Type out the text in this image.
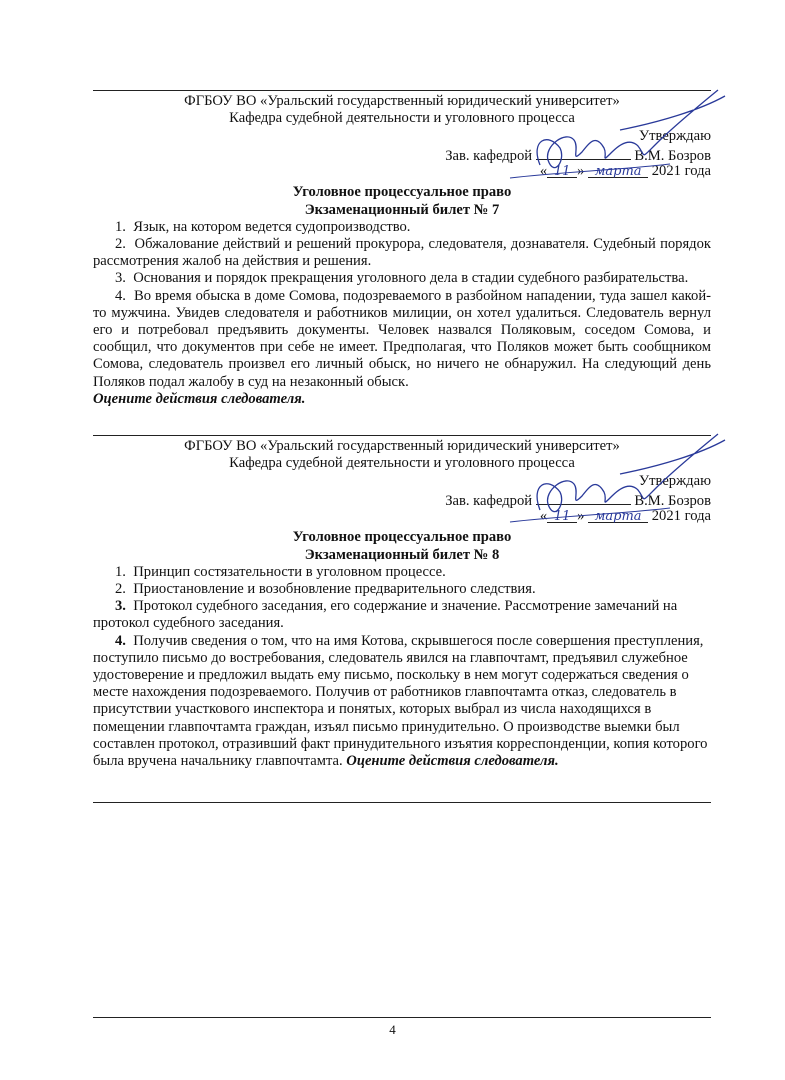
ФГБОУ ВО «Уральский государственный юридический университет»
Кафедра судебной деятельности и уголовного процесса
Утверждаю
Зав. кафедрой	В.М. Бозров
« 11 » марта 2021 года
Уголовное процессуальное право
Экзаменационный билет № 7
1. Язык, на котором ведется судопроизводство.
2. Обжалование действий и решений прокурора, следователя, дознавателя. Судебный порядок рассмотрения жалоб на действия и решения.
3. Основания и порядок прекращения уголовного дела в стадии судебного разбирательства.
4. Во время обыска в доме Сомова, подозреваемого в разбойном нападении, туда зашел какой-то мужчина. Увидев следователя и работников милиции, он хотел удалиться. Следователь вернул его и потребовал предъявить документы. Человек назвался Поляковым, соседом Сомова, и сообщил, что документов при себе не имеет. Предполагая, что Поляков может быть сообщником Сомова, следователь произвел его личный обыск, но ничего не обнаружил. На следующий день Поляков подал жалобу в суд на незаконный обыск.
Оцените действия следователя.
ФГБОУ ВО «Уральский государственный юридический университет»
Кафедра судебной деятельности и уголовного процесса
Утверждаю
Зав. кафедрой	В.М. Бозров
« 11 » марта 2021 года
Уголовное процессуальное право
Экзаменационный билет № 8
1. Принцип состязательности в уголовном процессе.
2. Приостановление и возобновление предварительного следствия.
3. Протокол судебного заседания, его содержание и значение. Рассмотрение замечаний на протокол судебного заседания.
4. Получив сведения о том, что на имя Котова, скрывшегося после совершения преступления, поступило письмо до востребования, следователь явился на главпочтамт, предъявил служебное удостоверение и предложил выдать ему письмо, поскольку в нем могут содержаться сведения о месте нахождения подозреваемого. Получив от работников главпочтамта отказ, следователь в присутствии участкового инспектора и понятых, которых выбрал из числа находящихся в помещении главпочтамта граждан, изъял письмо принудительно. О производстве выемки был составлен протокол, отразивший факт принудительного изъятия корреспонденции, копия которого была вручена начальнику главпочтамта. Оцените действия следователя.
4
